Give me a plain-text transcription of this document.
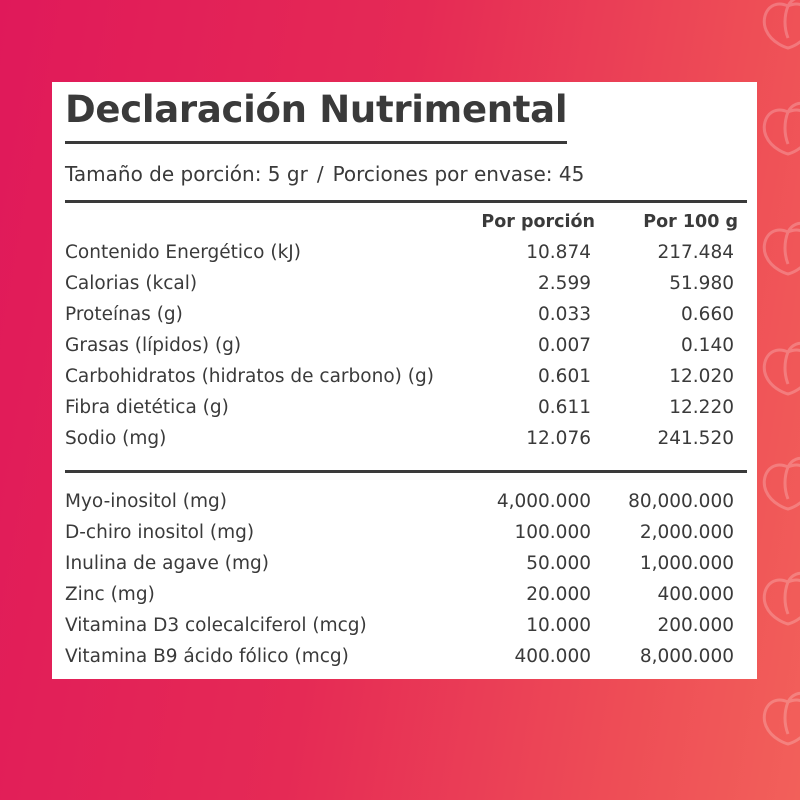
Declaración Nutrimental
Tamaño de porción: 5 gr / Porciones por envase: 45
Por porción	Por 100 g
Contenido Energético (kJ)	10.874	217.484
Calorias (kcal)	2.599	51.980
Proteínas (g)	0.033	0.660
Grasas (lípidos) (g)	0.007	0.140
Carbohidratos (hidratos de carbono) (g)	0.601	12.020
Fibra dietética (g)	0.611	12.220
Sodio (mg)	12.076	241.520
Myo-inositol (mg)	4,000.000 80,000.000
D-chiro inositol (mg)	100.000	2,000.000
Inulina de agave (mg)	50.000	1,000.000
Zinc (mg)	20.000	400.000
Vitamina D3 colecalciferol (mcg)	10.000	200.000
Vitamina B9 ácido fólico (mcg)	400.000	8,000.000
